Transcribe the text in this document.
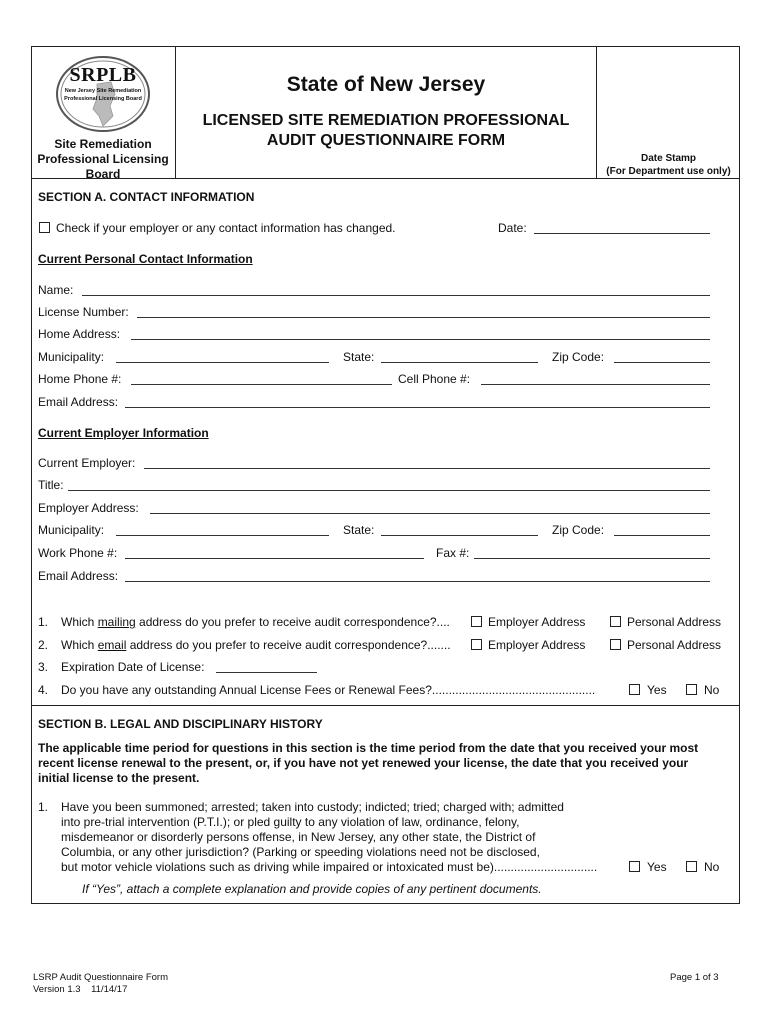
SRPLB
New Jersey Site Remediation
Professional Licensing Board
Site Remediation
Professional Licensing
Board
State of New Jersey
LICENSED SITE REMEDIATION PROFESSIONAL
AUDIT QUESTIONNAIRE FORM
Date Stamp
(For Department use only)
SECTION A. CONTACT INFORMATION
Check if your employer or any contact information has changed.	Date:
Current Personal Contact Information
Name:
License Number:
Home Address:
Municipality:	State:	Zip Code:
Home Phone #:	Cell Phone #:
Email Address:
Current Employer Information
Current Employer:
Title:
Employer Address:
Municipality:	State:	Zip Code:
Work Phone #:	Fax #:
Email Address:
1. Which mailing address do you prefer to receive audit correspondence?....	Employer Address	Personal Address
2. Which email address do you prefer to receive audit correspondence?.......	Employer Address	Personal Address
3. Expiration Date of License:
4. Do you have any outstanding Annual License Fees or Renewal Fees?.................................................	Yes	No
SECTION B. LEGAL AND DISCIPLINARY HISTORY
The applicable time period for questions in this section is the time period from the date that you received your most
recent license renewal to the present, or, if you have not yet renewed your license, the date that you received your
initial license to the present.
1. Have you been summoned; arrested; taken into custody; indicted; tried; charged with; admitted
into pre-trial intervention (P.T.I.); or pled guilty to any violation of law, ordinance, felony,
misdemeanor or disorderly persons offense, in New Jersey, any other state, the District of
Columbia, or any other jurisdiction? (Parking or speeding violations need not be disclosed,
but motor vehicle violations such as driving while impaired or intoxicated must be)...............................	Yes	No
If “Yes”, attach a complete explanation and provide copies of any pertinent documents.
LSRP Audit Questionnaire Form
Version 1.3    11/14/17
Page 1 of 3
